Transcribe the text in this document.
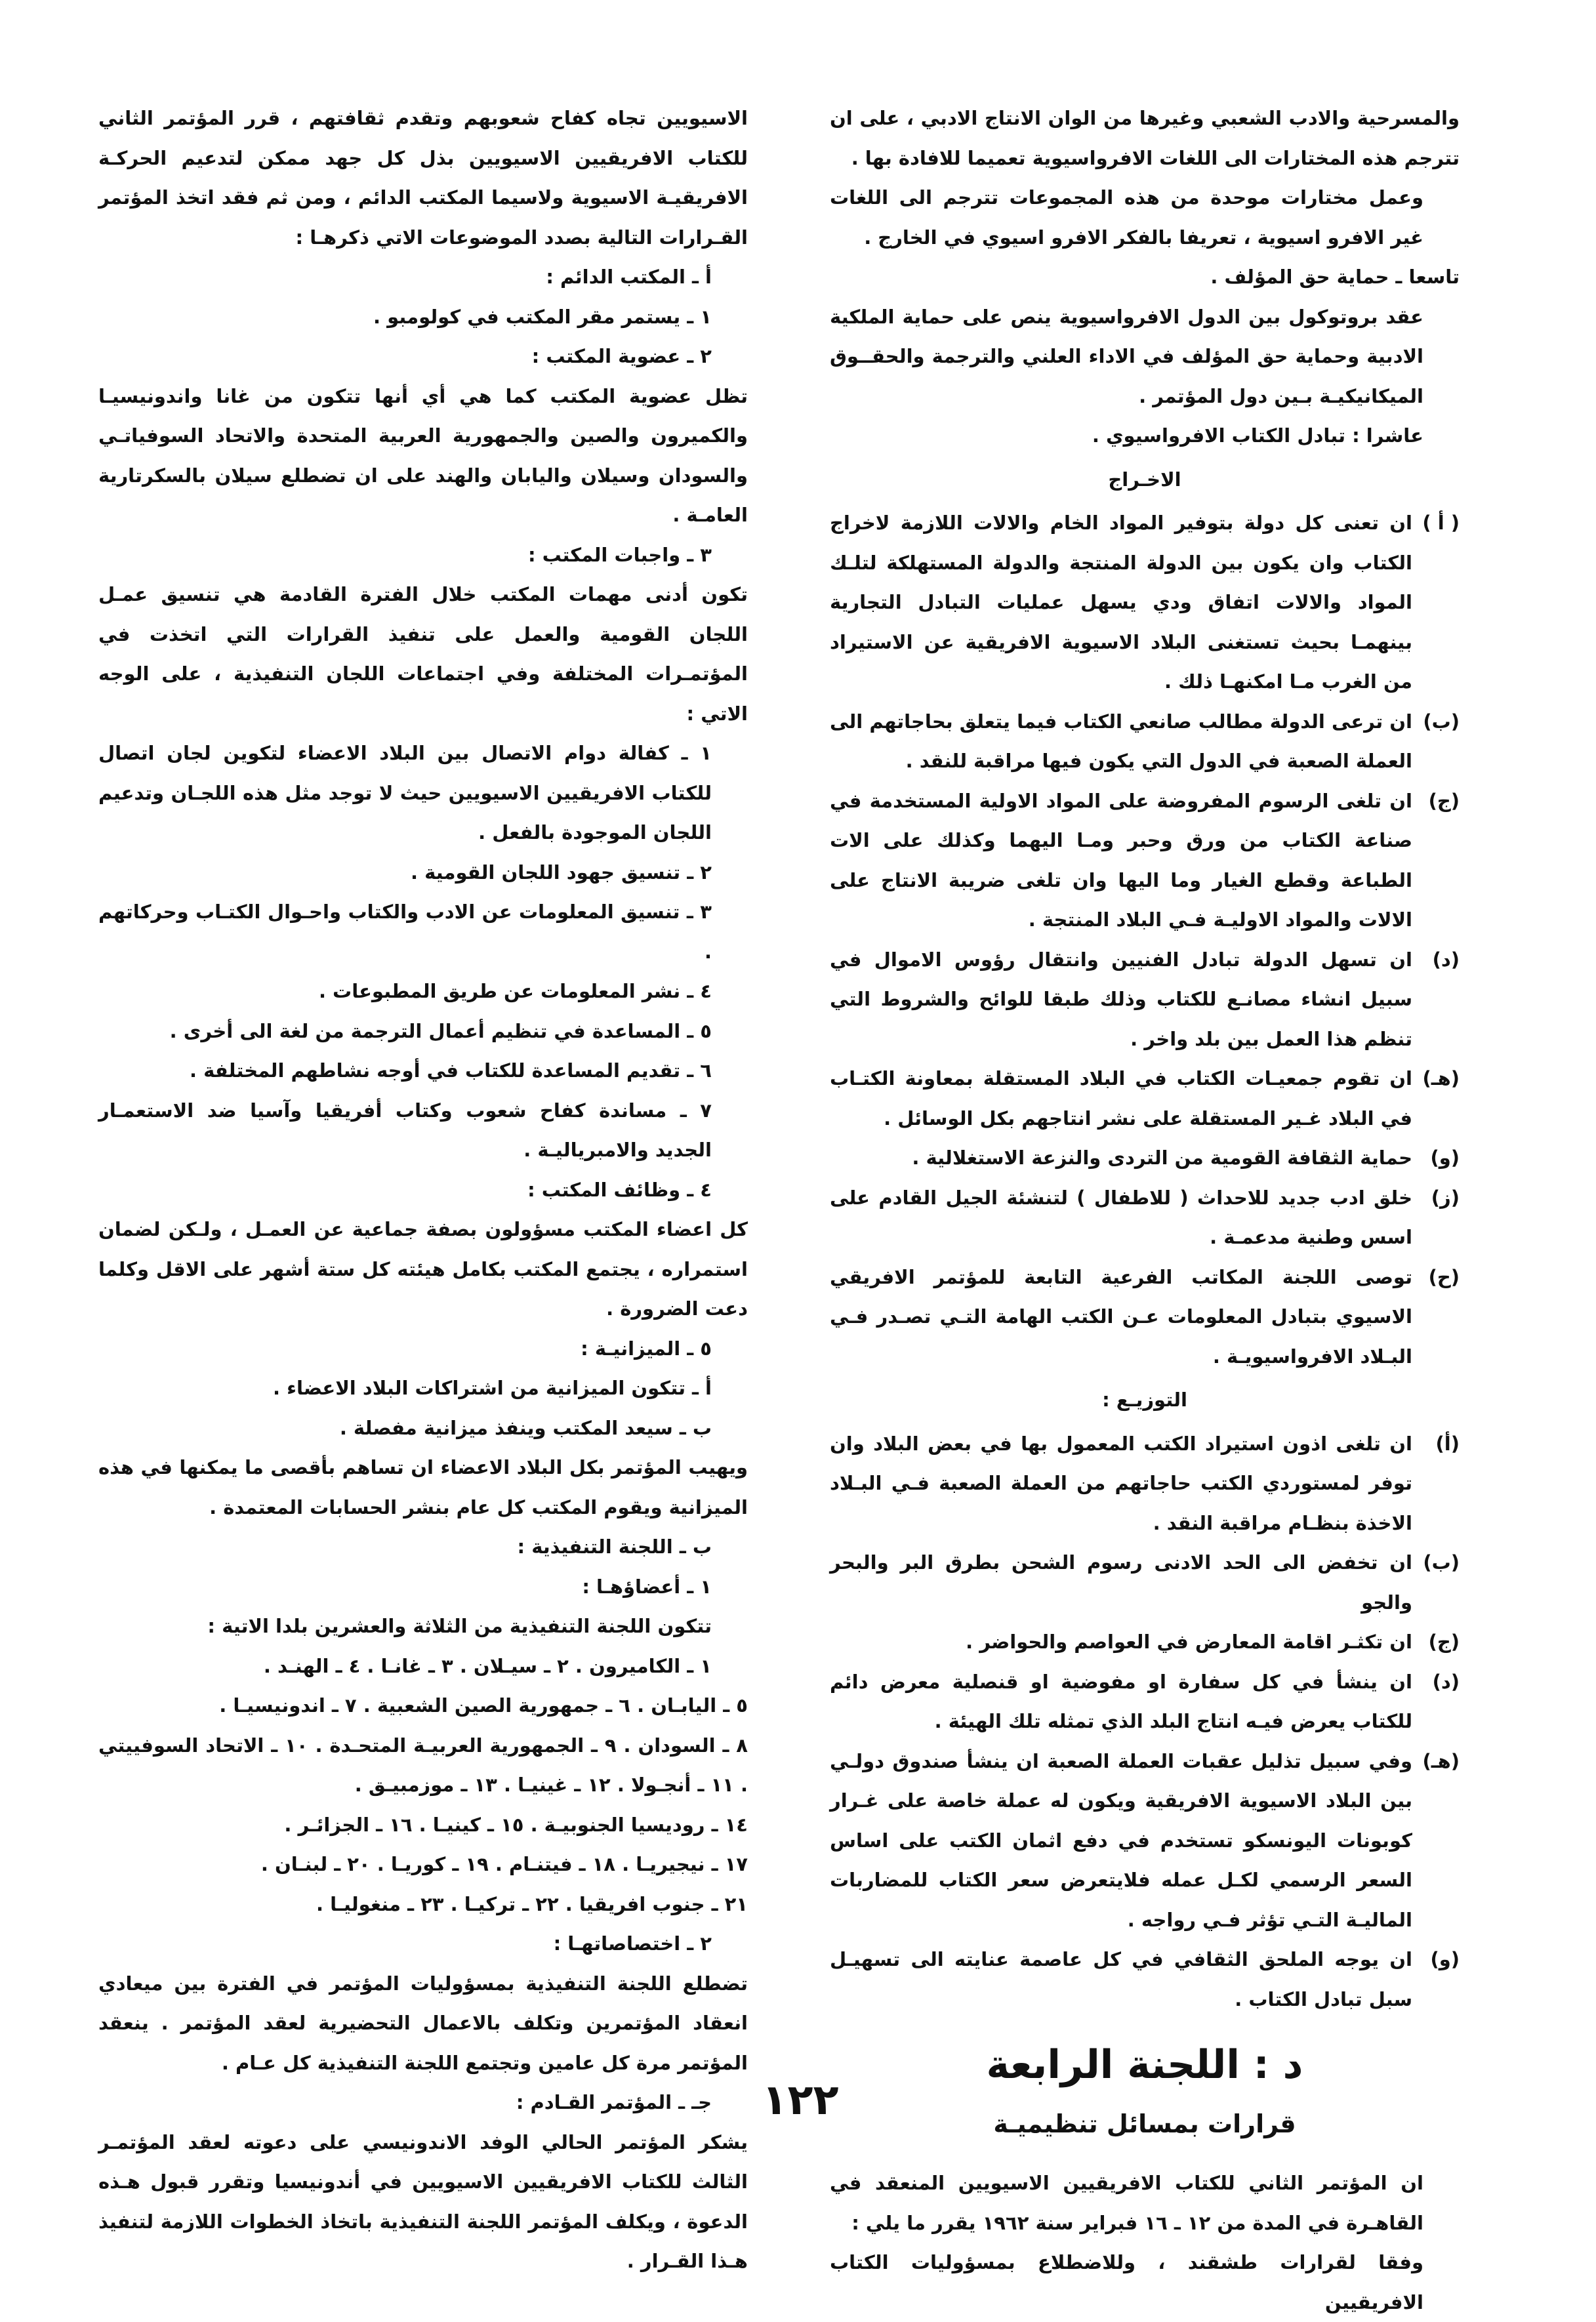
والمسرحية والادب الشعبي وغيرها من الوان الانتاج الادبي ، على ان تترجم هذه المختارات الى اللغات الافرواسيوية تعميما للافادة بها .

وعمل مختارات موحدة من هذه المجموعات تترجم الى اللغات غير الافرو اسيوية ، تعريفا بالفكر الافرو اسيوي في الخارج .

تاسعا ـ حماية حق المؤلف .

عقد بروتوكول بين الدول الافرواسيوية ينص على حماية الملكية الادبية وحماية حق المؤلف في الاداء العلني والترجمة والحقــوق الميكانيكيـة بـين دول المؤتمر .

عاشرا : تبادل الكتاب الافرواسيوي .

الاخـراج

( أ )
ان تعنى كل دولة بتوفير المواد الخام والالات اللازمة لاخراج الكتاب وان يكون بين الدولة المنتجة والدولة المستهلكة لتلـك المواد والالات اتفاق ودي يسهل عمليات التبادل التجارية بينهمـا بحيث تستغنى البلاد الاسيوية الافريقية عن الاستيراد من الغرب مـا امكنهـا ذلك .
(ب)
ان ترعى الدولة مطالب صانعي الكتاب فيما يتعلق بحاجاتهم الى العملة الصعبة في الدول التي يكون فيها مراقبة للنقد .
(ج)
ان تلغى الرسوم المفروضة على المواد الاولية المستخدمة في صناعة الكتاب من ورق وحبر ومـا اليهما وكذلك على الات الطباعة وقطع الغيار وما اليها وان تلغى ضريبة الانتاج على الالات والمواد الاوليـة فـي البلاد المنتجة .
(د)
ان تسهل الدولة تبادل الفنيين وانتقال رؤوس الاموال في سبيل انشاء مصانـع للكتاب وذلك طبقا للوائح والشروط التي تنظم هذا العمل بين بلد واخر .
(هـ)
ان تقوم جمعيـات الكتاب في البلاد المستقلة بمعاونة الكتـاب في البلاد غـير المستقلة على نشر انتاجهم بكل الوسائل .
(و)
حماية الثقافة القومية من التردى والنزعة الاستغلالية .
(ز)
خلق ادب جديد للاحداث ( للاطفال ) لتنشئة الجيل القادم على اسس وطنية مدعمـة .
(ح)
توصى اللجنة المكاتب الفرعية التابعة للمؤتمر الافريقي الاسيوي بتبادل المعلومات عـن الكتب الهامة التـي تصـدر فـي البـلاد الافرواسيويـة .

التوزيـع :

(أ)
ان تلغى اذون استيراد الكتب المعمول بها في بعض البلاد وان توفر لمستوردي الكتب حاجاتهم من العملة الصعبة فـي البـلاد الاخذة بنظـام مراقبة النقد .
(ب)
ان تخفض الى الحد الادنى رسوم الشحن بطرق البر والبحر والجو
(ج)
ان تكثـر اقامة المعارض في العواصم والحواضر .
(د)
ان ينشأ في كل سفارة او مفوضية او قنصلية معرض دائم للكتاب يعرض فيـه انتاج البلد الذي تمثله تلك الهيئة .
(هـ)
وفي سبيل تذليل عقبات العملة الصعبة ان ينشأ صندوق دولـي بين البلاد الاسيوية الافريقية ويكون له عملة خاصة على غـرار كوبونات اليونسكو تستخدم في دفع اثمان الكتب على اساس السعر الرسمي لكـل عمله فلايتعرض سعر الكتاب للمضاربات الماليـة التـي تؤثر فـي رواجه .
(و)
ان يوجه الملحق الثقافي في كل عاصمة عنايته الى تسهيـل سبل تبادل الكتاب .
د : اللجنة الرابعة
قرارات بمسائل تنظيميـة

ان المؤتمر الثاني للكتاب الافريقيين الاسيويين المنعقد في القاهـرة في المدة من ١٢ ـ ١٦ فبراير سنة ١٩٦٢ يقرر ما يلي :

وفقا لقرارات طشقند ، وللاضطلاع بمسؤوليات الكتاب الافريقيين

الاسيويين تجاه كفاح شعوبهم وتقدم ثقافتهم ، قرر المؤتمر الثاني للكتاب الافريقيين الاسيويين بذل كل جهد ممكن لتدعيم الحركـة الافريقيـة الاسيوية ولاسيما المكتب الدائم ، ومن ثم فقد اتخذ المؤتمر القـرارات التالية بصدد الموضوعات الاتي ذكرهـا :

أ ـ المكتب الدائم :

١ ـ يستمر مقر المكتب في كولومبو .

٢ ـ عضوية المكتب :

تظل عضوية المكتب كما هي أي أنها تتكون من غانا واندونيسيـا والكميرون والصين والجمهورية العربية المتحدة والاتحاد السوفياتـي والسودان وسيلان واليابان والهند على ان تضطلع سيلان بالسكرتارية العامـة .

٣ ـ واجبات المكتب :

تكون أدنى مهمات المكتب خلال الفترة القادمة هي تنسيق عمـل اللجان القومية والعمل على تنفيذ القرارات التي اتخذت في المؤتمـرات المختلفة وفي اجتماعات اللجان التنفيذية ، على الوجه الاتي :

١ ـ كفالة دوام الاتصال بين البلاد الاعضاء لتكوين لجان اتصال للكتاب الافريقيين الاسيويين حيث لا توجد مثل هذه اللجـان وتدعيم اللجان الموجودة بالفعل .

٢ ـ تنسيق جهود اللجان القومية .

٣ ـ تنسيق المعلومات عن الادب والكتاب واحـوال الكتـاب وحركاتهم .

٤ ـ نشر المعلومات عن طريق المطبوعات .

٥ ـ المساعدة في تنظيم أعمال الترجمة من لغة الى أخرى .

٦ ـ تقديم المساعدة للكتاب في أوجه نشاطهم المختلفة .

٧ ـ مساندة كفاح شعوب وكتاب أفريقيا وآسيا ضد الاستعمـار الجديد والامبرياليـة .

٤ ـ وظائف المكتب :

كل اعضاء المكتب مسؤولون بصفة جماعية عن العمـل ، ولـكن لضمان استمراره ، يجتمع المكتب بكامل هيئته كل ستة أشهر على الاقل وكلما دعت الضرورة .

٥ ـ الميزانيـة :

أ ـ تتكون الميزانية من اشتراكات البلاد الاعضاء .

ب ـ سيعد المكتب وينفذ ميزانية مفصلة .

ويهيب المؤتمر بكل البلاد الاعضاء ان تساهم بأقصى ما يمكنها في هذه الميزانية ويقوم المكتب كل عام بنشر الحسابات المعتمدة .

ب ـ اللجنة التنفيذية :

١ ـ أعضاؤهـا :

تتكون اللجنة التنفيذية من الثلاثة والعشرين بلدا الاتية :

١ ـ الكاميرون . ٢ ـ سيـلان . ٣ ـ غانـا . ٤ ـ الهنـد .

٥ ـ اليابـان . ٦ ـ جمهورية الصين الشعبية . ٧ ـ اندونيسيـا .

٨ ـ السودان . ٩ ـ الجمهورية العربيـة المتحـدة . ١٠ ـ الاتحاد السوفييتي . ١١ ـ أنجـولا . ١٢ ـ غينيـا . ١٣ ـ موزمبيـق .

١٤ ـ روديسيا الجنوبيـة . ١٥ ـ كينيـا . ١٦ ـ الجزائـر .

١٧ ـ نيجيريـا . ١٨ ـ فيتنـام . ١٩ ـ كوريـا . ٢٠ ـ لبنـان .

٢١ ـ جنوب افريقيا . ٢٢ ـ تركيـا . ٢٣ ـ منغوليـا .

٢ ـ اختصاصاتهـا :

تضطلع اللجنة التنفيذية بمسؤوليات المؤتمر في الفترة بين ميعادي انعقاد المؤتمرين وتكلف بالاعمال التحضيرية لعقد المؤتمر . ينعقد المؤتمر مرة كل عامين وتجتمع اللجنة التنفيذية كل عـام .

جـ ـ المؤتمر القـادم :

يشكر المؤتمر الحالي الوفد الاندونيسي على دعوته لعقد المؤتمـر الثالث للكتاب الافريقيين الاسيويين في أندونيسيا وتقرر قبول هـذه الدعوة ، ويكلف المؤتمر اللجنة التنفيذية باتخاذ الخطوات اللازمة لتنفيذ هـذا القـرار .

١٢٢
